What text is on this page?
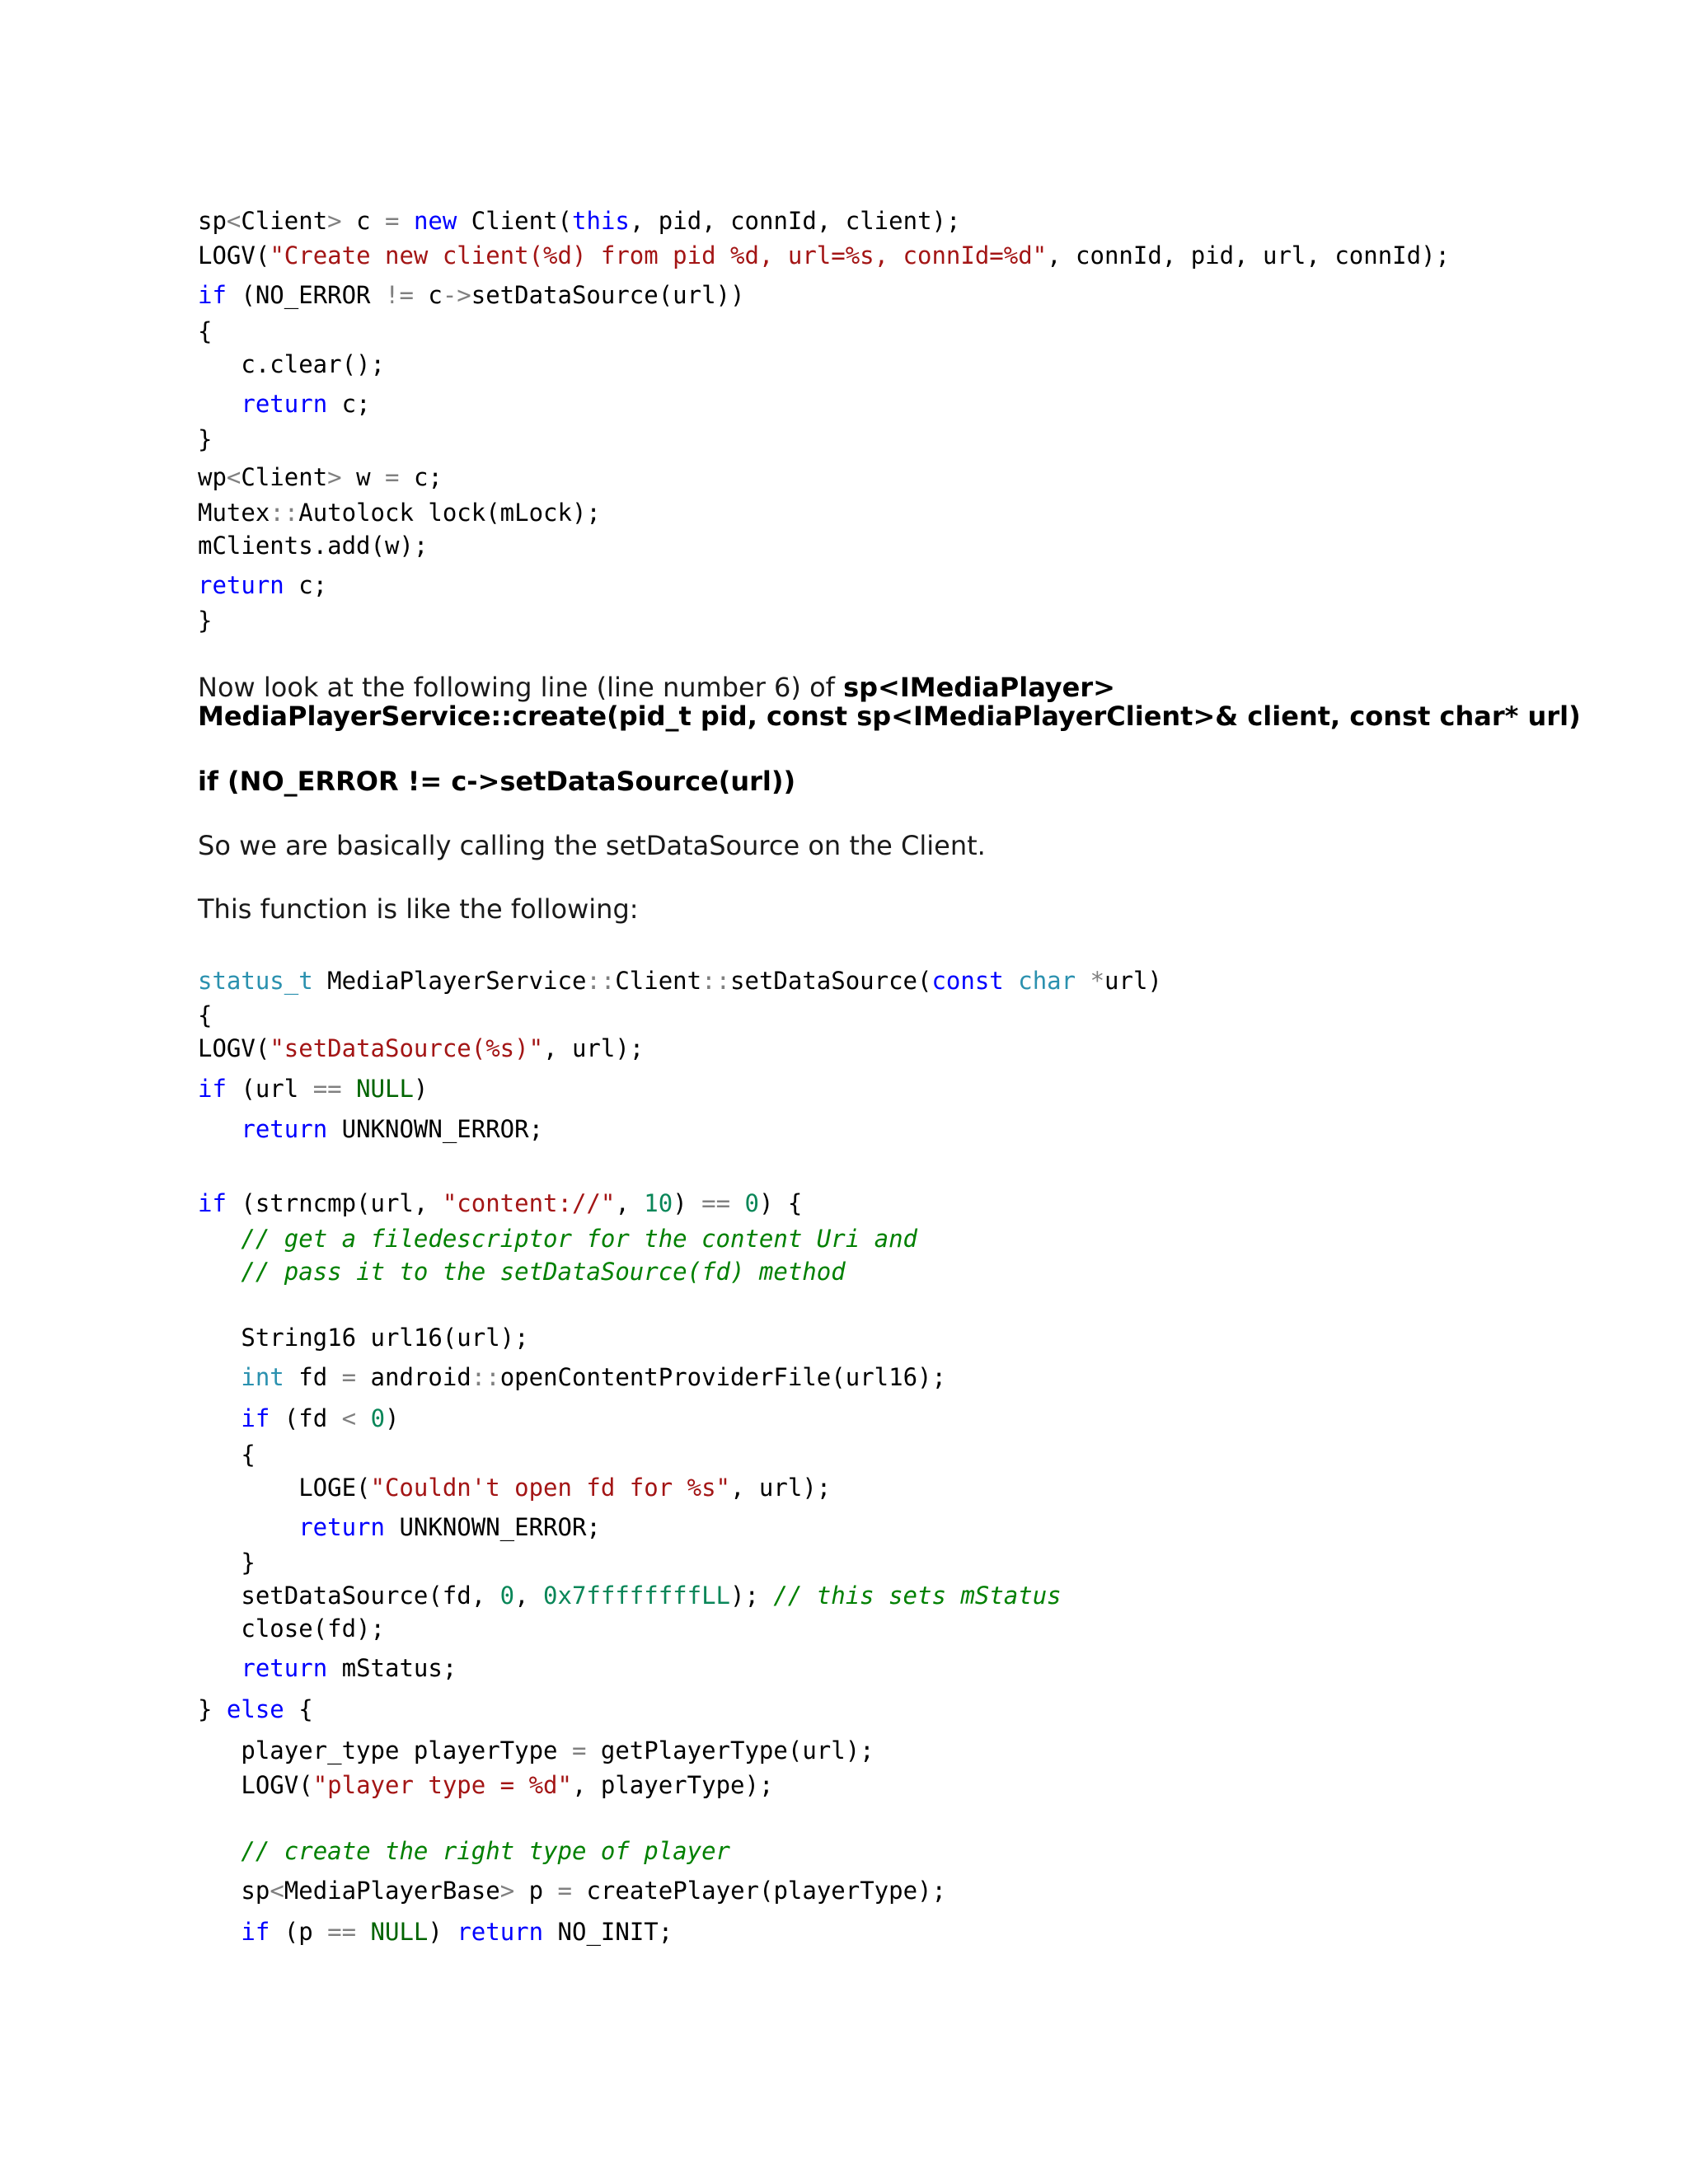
sp<Client> c = new Client(this, pid, connId, client);
LOGV("Create new client(%d) from pid %d, url=%s, connId=%d", connId, pid, url, connId);
if (NO_ERROR != c->setDataSource(url))
{
c.clear();
return c;
}
wp<Client> w = c;
Mutex::Autolock lock(mLock);
mClients.add(w);
return c;
}
Now look at the following line (line number 6) of sp<IMediaPlayer>
MediaPlayerService::create(pid_t pid, const sp<IMediaPlayerClient>& client, const char* url)
if (NO_ERROR != c->setDataSource(url))
So we are basically calling the setDataSource on the Client.
This function is like the following:
status_t MediaPlayerService::Client::setDataSource(const char *url)
{
LOGV("setDataSource(%s)", url);
if (url == NULL)
return UNKNOWN_ERROR;
if (strncmp(url, "content://", 10) == 0) {
// get a filedescriptor for the content Uri and
// pass it to the setDataSource(fd) method
String16 url16(url);
int fd = android::openContentProviderFile(url16);
if (fd < 0)
{
LOGE("Couldn't open fd for %s", url);
return UNKNOWN_ERROR;
}
setDataSource(fd, 0, 0x7ffffffffLL); // this sets mStatus
close(fd);
return mStatus;
} else {
player_type playerType = getPlayerType(url);
LOGV("player type = %d", playerType);
// create the right type of player
sp<MediaPlayerBase> p = createPlayer(playerType);
if (p == NULL) return NO_INIT;
